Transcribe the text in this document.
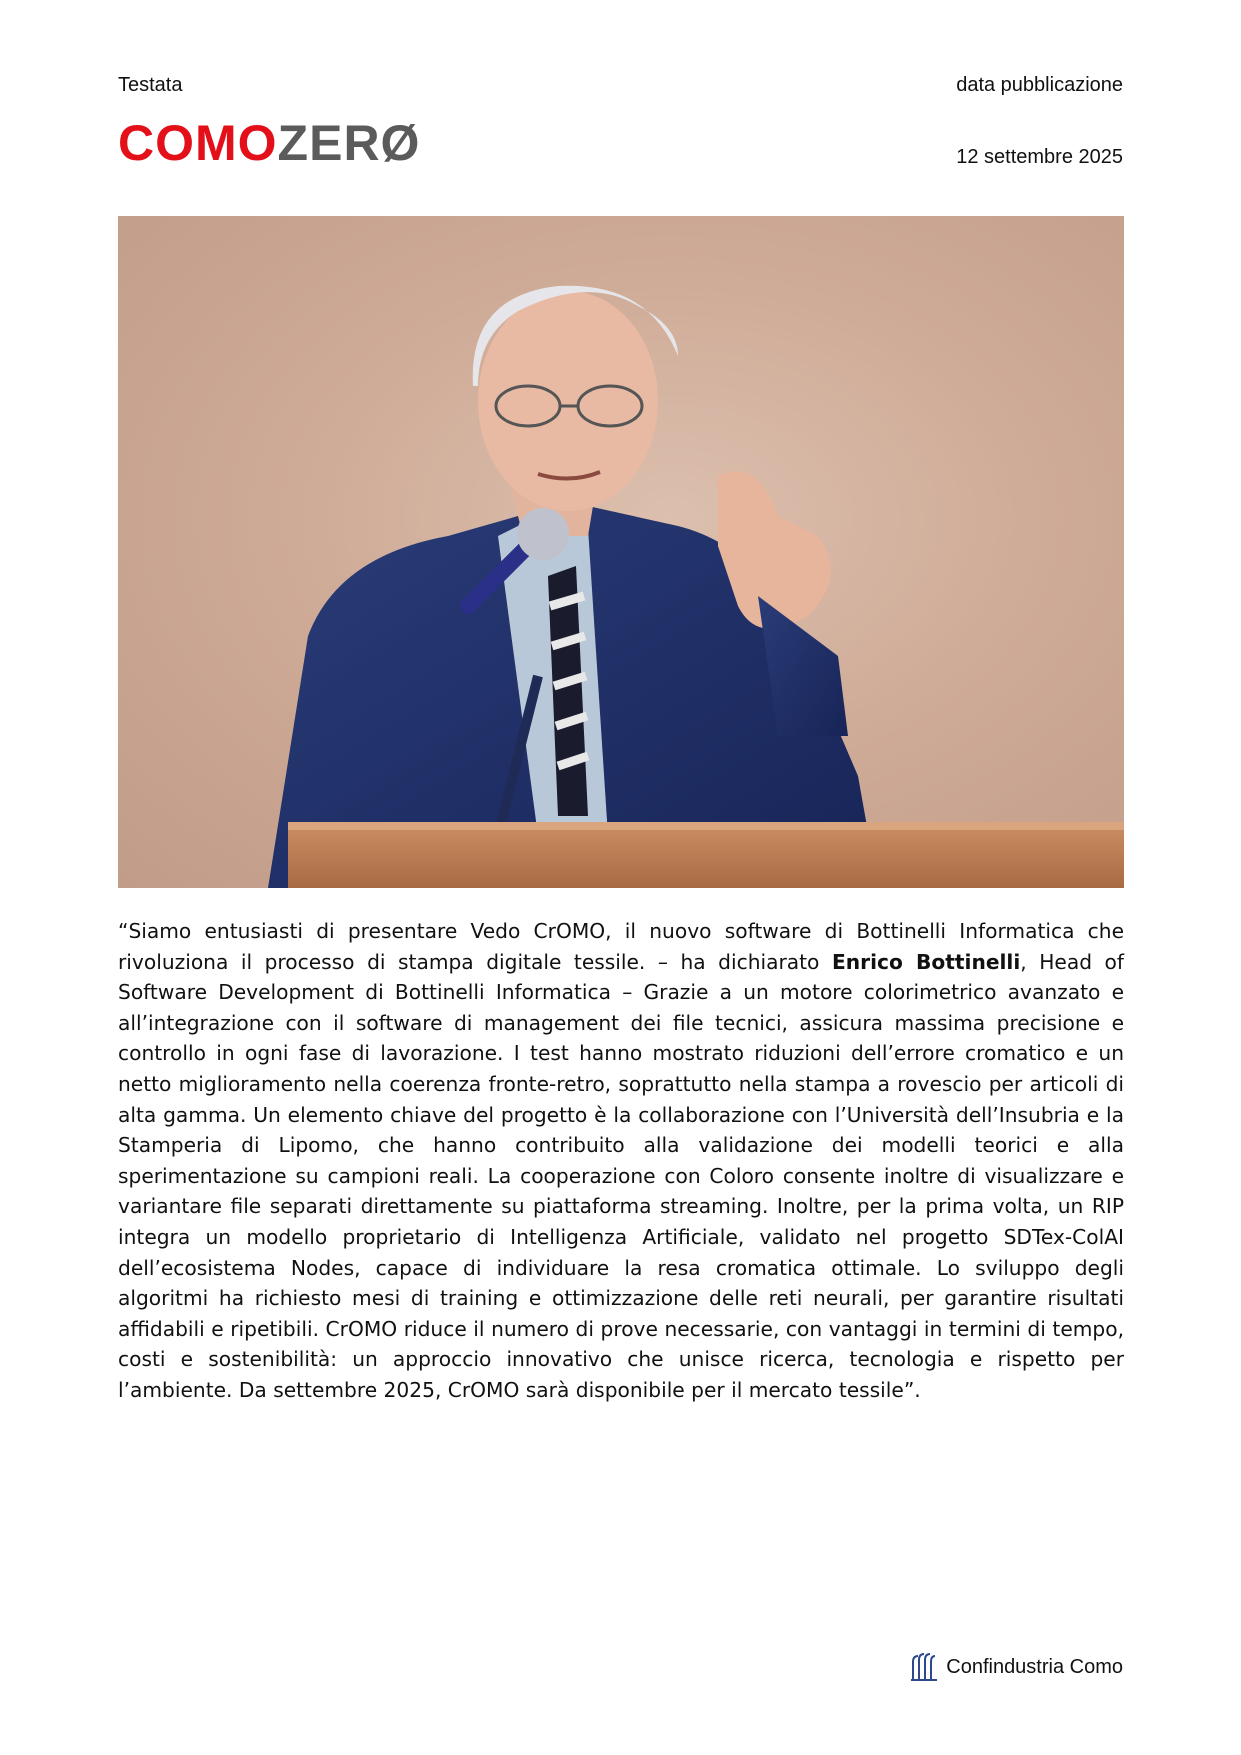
Testata	data pubblicazione
COMOZERØ	12 settembre 2025
“Siamo entusiasti di presentare Vedo CrOMO, il nuovo software di Bottinelli Informatica che rivoluziona il processo di stampa digitale tessile. – ha dichiarato Enrico Bottinelli, Head of Software Development di Bottinelli Informatica – Grazie a un motore colorimetrico avanzato e all’integrazione con il software di management dei file tecnici, assicura massima precisione e controllo in ogni fase di lavorazione. I test hanno mostrato riduzioni dell’errore cromatico e un netto miglioramento nella coerenza fronte-retro, soprattutto nella stampa a rovescio per articoli di alta gamma. Un elemento chiave del progetto è la collaborazione con l’Università dell’Insubria e la Stamperia di Lipomo, che hanno contribuito alla validazione dei modelli teorici e alla sperimentazione su campioni reali. La cooperazione con Coloro consente inoltre di visualizzare e variantare file separati direttamente su piattaforma streaming. Inoltre, per la prima volta, un RIP integra un modello proprietario di Intelligenza Artificiale, validato nel progetto SDTex-ColAI dell’ecosistema Nodes, capace di individuare la resa cromatica ottimale. Lo sviluppo degli algoritmi ha richiesto mesi di training e ottimizzazione delle reti neurali, per garantire risultati affidabili e ripetibili. CrOMO riduce il numero di prove necessarie, con vantaggi in termini di tempo, costi e sostenibilità: un approccio innovativo che unisce ricerca, tecnologia e rispetto per l’ambiente. Da settembre 2025, CrOMO sarà disponibile per il mercato tessile”.
Confindustria Como
